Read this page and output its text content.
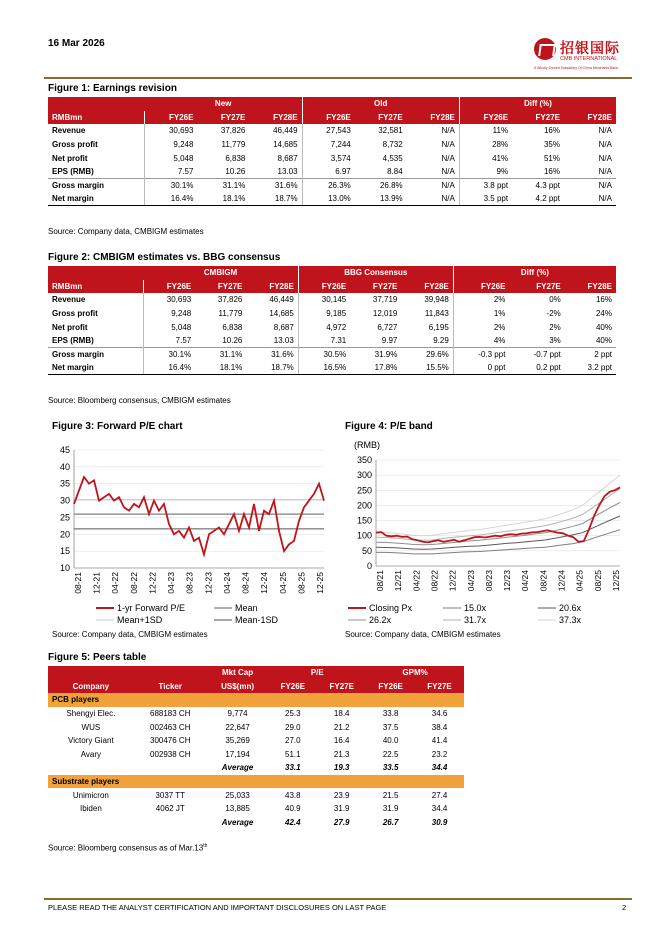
16 Mar 2026	招银国际
CMB INTERNATIONAL
A Wholly Owned Subsidiary Of China Merchants Bank
Figure 1: Earnings revision
	New			Old			Diff (%)		
RMBmn	FY26E	FY27E	FY28E	FY26E	FY27E	FY28E	FY26E	FY27E	FY28E
Revenue	30,693	37,826	46,449	27,543	32,581	N/A	11%	16%	N/A
Gross profit	9,248	11,779	14,685	7,244	8,732	N/A	28%	35%	N/A
Net profit	5,048	6,838	8,687	3,574	4,535	N/A	41%	51%	N/A
EPS (RMB)	7.57	10.26	13.03	6.97	8.84	N/A	9%	16%	N/A
Gross margin	30.1%	31.1%	31.6%	26.3%	26.8%	N/A	3.8 ppt	4.3 ppt	N/A
Net margin	16.4%	18.1%	18.7%	13.0%	13.9%	N/A	3.5 ppt	4.2 ppt	N/A
Source: Company data, CMBIGM estimates
Figure 2: CMBIGM estimates vs. BBG consensus
	CMBIGM			BBG Consensus			Diff (%)		
RMBmn	FY26E	FY27E	FY28E	FY26E	FY27E	FY28E	FY26E	FY27E	FY28E
Revenue	30,693	37,826	46,449	30,145	37,719	39,948	2%	0%	16%
Gross profit	9,248	11,779	14,685	9,185	12,019	11,843	1%	-2%	24%
Net profit	5,048	6,838	8,687	4,972	6,727	6,195	2%	2%	40%
EPS (RMB)	7.57	10.26	13.03	7.31	9.97	9.29	4%	3%	40%
Gross margin	30.1%	31.1%	31.6%	30.5%	31.9%	29.6%	-0.3 ppt	-0.7 ppt	2 ppt
Net margin	16.4%	18.1%	18.7%	16.5%	17.8%	15.5%	0 ppt	0.2 ppt	3.2 ppt
Source: Bloomberg consensus, CMBIGM estimates
Figure 3: Forward P/E chart
10
15
20
25
30
35
40
45
08-21 12-21 04-22 08-22 12-22 04-23 08-23 12-23 04-24 08-24 12-24 04-25 08-25 12-25
1-yr Forward P/E	Mean
Mean+1SD	Mean-1SD
Source: Company data, CMBIGM estimates
Figure 4: P/E band
(RMB)
0
50
100
150
200
250
300
350
08/21 12/21 04/22 08/22 12/22 04/23 08/23 12/23 04/24 08/24 12/24 04/25 08/25 12/25
Closing Px	15.0x	20.6x
26.2x	31.7x	37.3x
Source: Company data, CMBIGM estimates
Figure 5: Peers table
		Mkt Cap	P/E		GPM%	
Company	Ticker	US$(mn)	FY26E	FY27E	FY26E	FY27E
PCB players						
Shengyi Elec.	688183 CH	9,774	25.3	18.4	33.8	34.6
WUS	002463 CH	22,647	29.0	21.2	37.5	38.4
Victory Giant	300476 CH	35,269	27.0	16.4	40.0	41.4
Avary	002938 CH	17,194	51.1	21.3	22.5	23.2
		Average	33.1	19.3	33.5	34.4
Substrate players						
Unimicron	3037 TT	25,033	43.8	23.9	21.5	27.4
Ibiden	4062 JT	13,885	40.9	31.9	31.9	34.4
		Average	42.4	27.9	26.7	30.9
Source: Bloomberg consensus as of Mar.13th
PLEASE READ THE ANALYST CERTIFICATION AND IMPORTANT DISCLOSURES ON LAST PAGE	2
